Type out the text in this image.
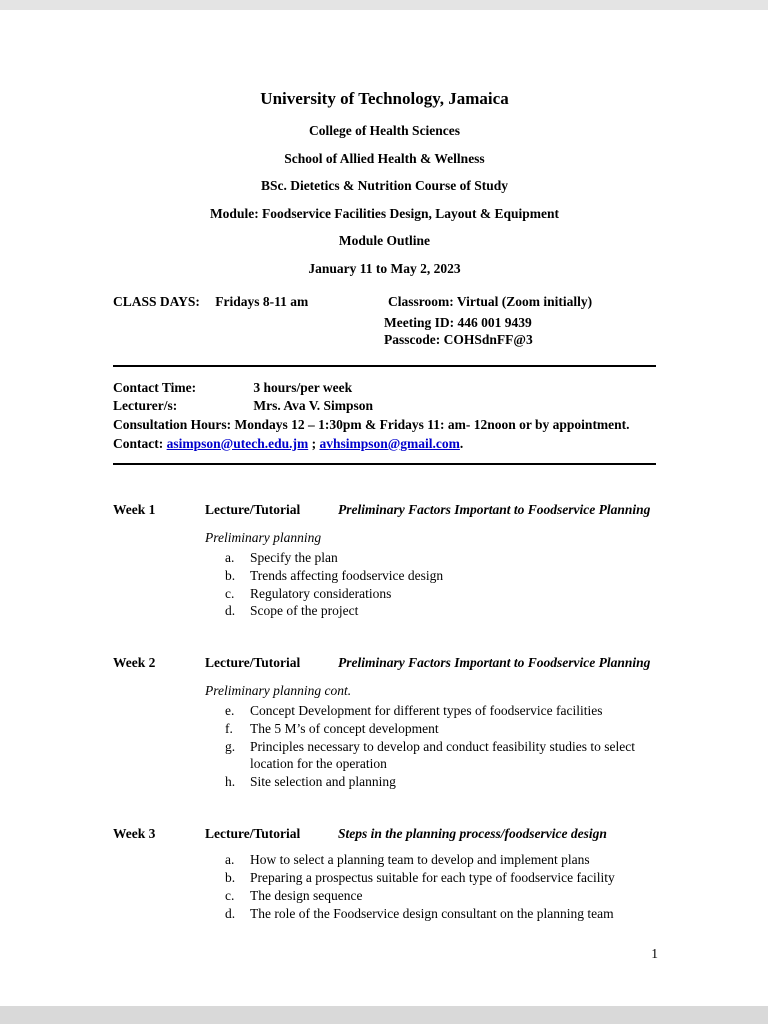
University of Technology, Jamaica

College of Health Sciences

School of Allied Health & Wellness

BSc. Dietetics & Nutrition Course of Study

Module: Foodservice Facilities Design, Layout & Equipment

Module Outline

January 11 to May 2, 2023

CLASS DAYS: Fridays 8-11 am	Classroom: Virtual (Zoom initially)
Meeting ID: 446 001 9439
Passcode: COHSdnFF@3

Contact Time:	3 hours/per week

Lecturer/s:	Mrs. Ava V. Simpson

Consultation Hours: Mondays 12 – 1:30pm & Fridays 11: am- 12noon or by appointment.

Contact: asimpson@utech.edu.jm ; avhsimpson@gmail.com.

Week 1	Lecture/Tutorial	Preliminary Factors Important to Foodservice Planning

Preliminary planning

a.	Specify the plan
b.	Trends affecting foodservice design
c.	Regulatory considerations
d.	Scope of the project

Week 2	Lecture/Tutorial	Preliminary Factors Important to Foodservice Planning

Preliminary planning cont.

e.	Concept Development for different types of foodservice facilities
f.	The 5 M’s of concept development
g.	Principles necessary to develop and conduct feasibility studies to select location for the operation
h.	Site selection and planning

Week 3	Lecture/Tutorial	Steps in the planning process/foodservice design

a.	How to select a planning team to develop and implement plans
b.	Preparing a prospectus suitable for each type of foodservice facility
c.	The design sequence
d.	The role of the Foodservice design consultant on the planning team
1
